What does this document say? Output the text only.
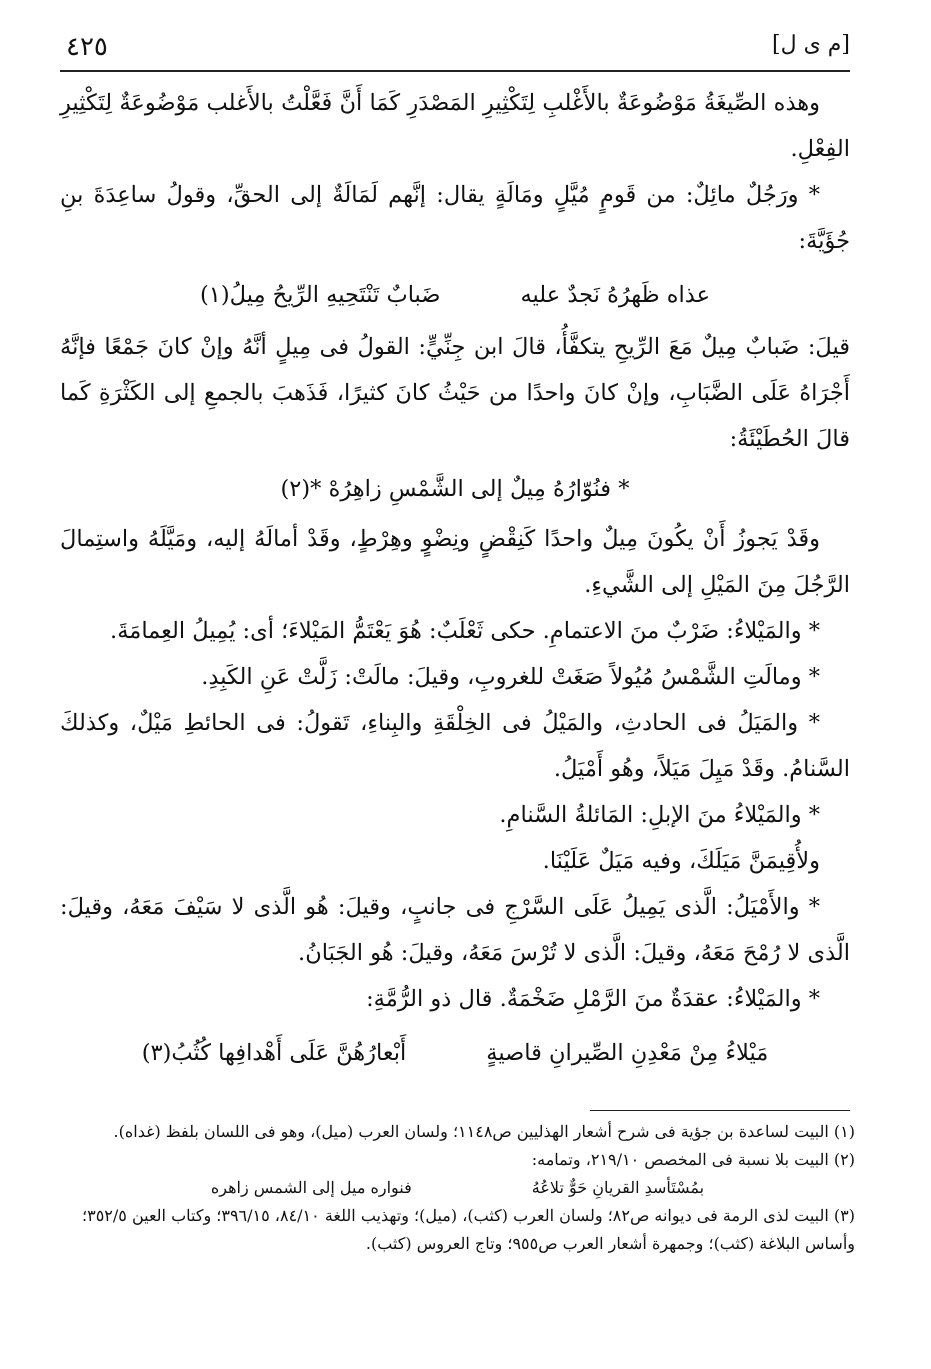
٤٢٥	[م ى ل]

وهذه الصِّيغَةُ مَوْضُوعَةٌ بالأَغْلبِ لِتَكْثِيرِ المَصْدَرِ كَمَا أَنَّ فَعَّلْتُ بالأَغلب مَوْضُوعَةٌ لِتَكْثِيرِ الفِعْلِ.

* ورَجُلٌ مائِلٌ: من قَومٍ مُيَّلٍ ومَالَةٍ يقال: إنَّهم لَمَالَةٌ إلى الحقِّ، وقولُ ساعِدَةَ بنِ جُؤَيَّةَ:

عذاه ظَهرُهُ نَجدٌ عليه
ضَبابٌ تَنْتَحِيهِ الرِّيحُ مِيلُ(١)

قيلَ: ضَبابٌ مِيلٌ مَعَ الرِّيحِ يتكفَّأُ، قالَ ابن جِنِّيٍّ: القولُ فى مِيلٍ أنَّهُ وإنْ كانَ جَمْعًا فإنَّهُ أَجْرَاهُ عَلَى الضَّبَابِ، وإنْ كانَ واحدًا من حَيْثُ كانَ كثيرًا، فَذَهبَ بالجمعِ إلى الكَثْرَةِ كَما قالَ الحُطَيْئَةُ:

* فنُوّارُهُ مِيلٌ إلى الشَّمْسِ زاهِرُهْ *(٢)

وقَدْ يَجوزُ أَنْ يكُونَ مِيلٌ واحدًا كَنِقْضٍ ونِضْوٍ وهِرْطٍ، وقَدْ أمالَهُ إليه، ومَيَّلَهُ واستِمالَ الرَّجُلَ مِنَ المَيْلِ إلى الشَّيءِ.

* والمَيْلاءُ: ضَرْبٌ منَ الاعتمامِ. حكى ثَعْلَبٌ: هُوَ يَعْتَمُّ المَيْلاءَ؛ أى: يُمِيلُ العِمامَةَ.

* ومالَتِ الشَّمْسُ مُيُولاً صَغَتْ للغروبِ، وقيلَ: مالَتْ: زَلَّتْ عَنِ الكَبِدِ.

* والمَيَلُ فى الحادثِ، والمَيْلُ فى الخِلْقَةِ والبِناءِ، تَقولُ: فى الحائطِ مَيْلٌ، وكذلكَ السَّنامُ. وقَدْ مَيِلَ مَيَلاً، وهُو أَمْيَلُ.

* والمَيْلاءُ منَ الإبلِ: المَائلةُ السَّنامِ.

ولأُقِيمَنَّ مَيَلَكَ، وفيه مَيَلٌ عَلَيْنَا.

* والأَمْيَلُ: الَّذى يَمِيلُ عَلَى السَّرْجِ فى جانبٍ، وقيلَ: هُو الَّذى لا سَيْفَ مَعَهُ، وقيلَ: الَّذى لا رُمْحَ مَعَهُ، وقيلَ: الَّذى لا تُرْسَ مَعَهُ، وقيلَ: هُو الجَبَانُ.

* والمَيْلاءُ: عقدَةٌ منَ الرَّمْلِ ضَخْمَةٌ. قال ذو الرُّمَّةِ:

مَيْلاءُ مِنْ مَعْدِنِ الصِّيرانِ قاصيةٍ
أَبْعارُهُنَّ عَلَى أَهْدافِها كُثُبُ(٣)

(١) البيت لساعدة بن جؤية فى شرح أشعار الهذليين ص١١٤٨؛ ولسان العرب (ميل)، وهو فى اللسان بلفظ (غداه).

(٢) البيت بلا نسبة فى المخصص ٢١٩/١٠، وتمامه:

بمُسْتَأسدِ القريانِ حَوٌّ تلاعُهُ
فنواره ميل إلى الشمس زاهره

(٣) البيت لذى الرمة فى ديوانه ص٨٢؛ ولسان العرب (كثب)، (ميل)؛ وتهذيب اللغة ٨٤/١٠، ٣٩٦/١٥؛ وكتاب العين ٣٥٢/٥؛ وأساس البلاغة (كثب)؛ وجمهرة أشعار العرب ص٩٥٥؛ وتاج العروس (كثب).
